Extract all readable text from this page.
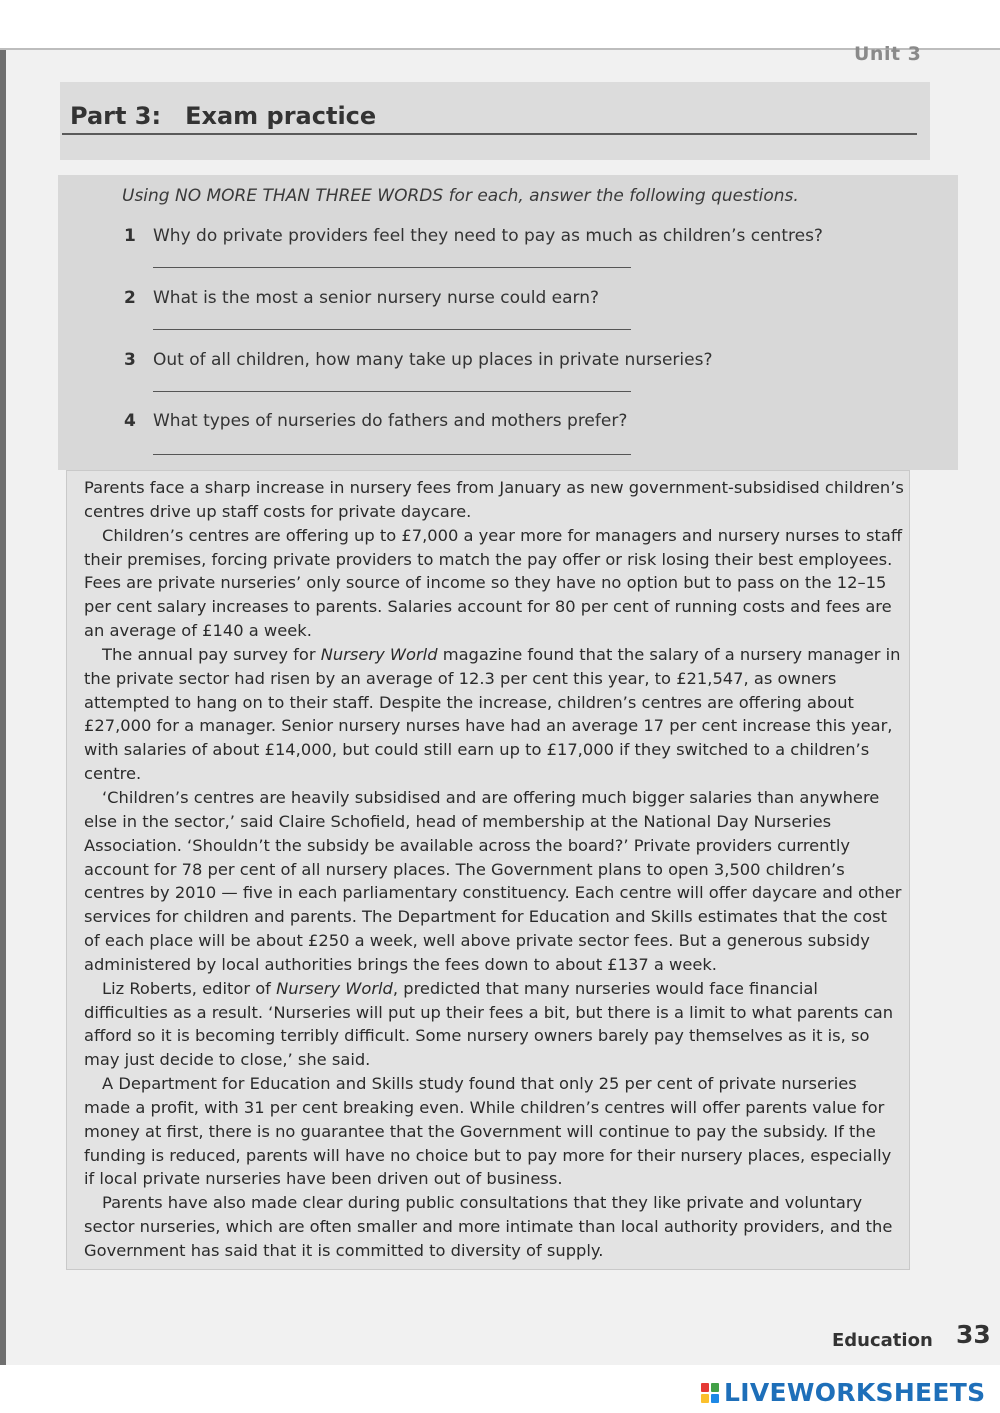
Unit 3
Part 3: Exam practice
Using NO MORE THAN THREE WORDS for each, answer the following questions.
1 Why do private providers feel they need to pay as much as children’s centres?
2 What is the most a senior nursery nurse could earn?
3 Out of all children, how many take up places in private nurseries?
4 What types of nurseries do fathers and mothers prefer?

Parents face a sharp increase in nursery fees from January as new government-subsidised children’s centres drive up staff costs for private daycare.

Children’s centres are offering up to £7,000 a year more for managers and nursery nurses to staff their premises, forcing private providers to match the pay offer or risk losing their best employees. Fees are private nurseries’ only source of income so they have no option but to pass on the 12–15 per cent salary increases to parents. Salaries account for 80 per cent of running costs and fees are an average of £140 a week.

The annual pay survey for Nursery World magazine found that the salary of a nursery manager in the private sector had risen by an average of 12.3 per cent this year, to £21,547, as owners attempted to hang on to their staff. Despite the increase, children’s centres are offering about £27,000 for a manager. Senior nursery nurses have had an average 17 per cent increase this year, with salaries of about £14,000, but could still earn up to £17,000 if they switched to a children’s centre.

‘Children’s centres are heavily subsidised and are offering much bigger salaries than anywhere else in the sector,’ said Claire Schofield, head of membership at the National Day Nurseries Association. ‘Shouldn’t the subsidy be available across the board?’ Private providers currently account for 78 per cent of all nursery places. The Government plans to open 3,500 children’s centres by 2010 — five in each parliamentary constituency. Each centre will offer daycare and other services for children and parents. The Department for Education and Skills estimates that the cost of each place will be about £250 a week, well above private sector fees. But a generous subsidy administered by local authorities brings the fees down to about £137 a week.

Liz Roberts, editor of Nursery World, predicted that many nurseries would face financial difficulties as a result. ‘Nurseries will put up their fees a bit, but there is a limit to what parents can afford so it is becoming terribly difficult. Some nursery owners barely pay themselves as it is, so may just decide to close,’ she said.

A Department for Education and Skills study found that only 25 per cent of private nurseries made a profit, with 31 per cent breaking even. While children’s centres will offer parents value for money at first, there is no guarantee that the Government will continue to pay the subsidy. If the funding is reduced, parents will have no choice but to pay more for their nursery places, especially if local private nurseries have been driven out of business.

Parents have also made clear during public consultations that they like private and voluntary sector nurseries, which are often smaller and more intimate than local authority providers, and the Government has said that it is committed to diversity of supply.

Education 33
LIVEWORKSHEETS
